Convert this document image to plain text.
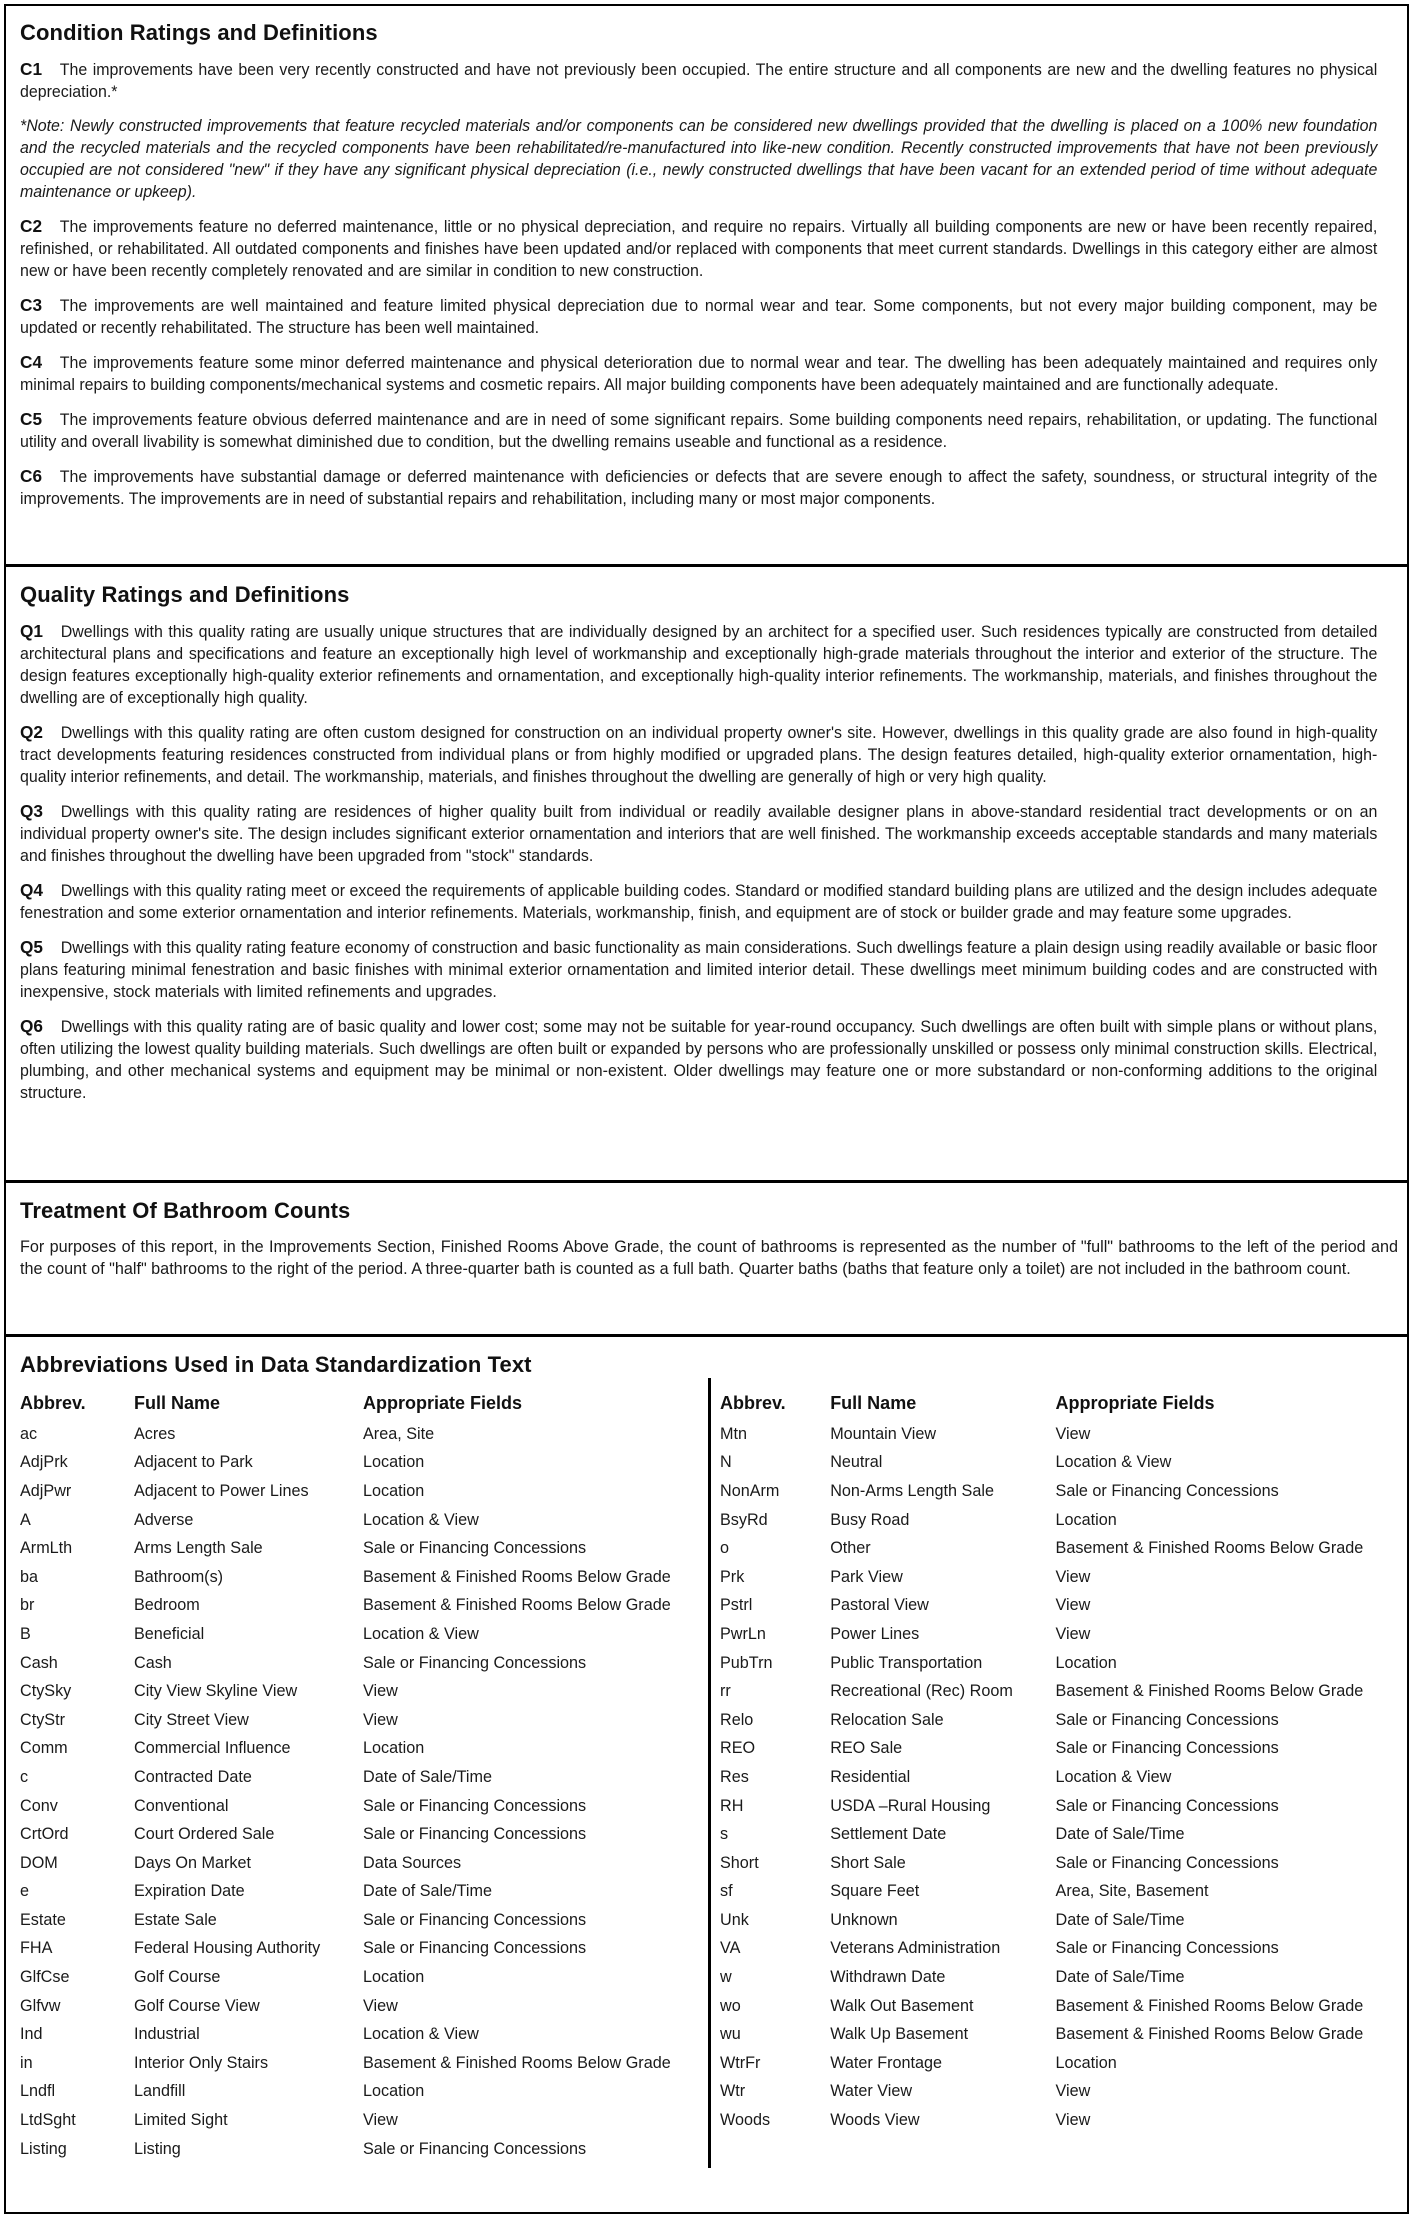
Condition Ratings and Definitions

C1 The improvements have been very recently constructed and have not previously been occupied. The entire structure and all components are new and the dwelling features no physical depreciation.*

*Note: Newly constructed improvements that feature recycled materials and/or components can be considered new dwellings provided that the dwelling is placed on a 100% new foundation and the recycled materials and the recycled components have been rehabilitated/re-manufactured into like-new condition. Recently constructed improvements that have not been previously occupied are not considered "new" if they have any significant physical depreciation (i.e., newly constructed dwellings that have been vacant for an extended period of time without adequate maintenance or upkeep).

C2 The improvements feature no deferred maintenance, little or no physical depreciation, and require no repairs. Virtually all building components are new or have been recently repaired, refinished, or rehabilitated. All outdated components and finishes have been updated and/or replaced with components that meet current standards. Dwellings in this category either are almost new or have been recently completely renovated and are similar in condition to new construction.

C3 The improvements are well maintained and feature limited physical depreciation due to normal wear and tear. Some components, but not every major building component, may be updated or recently rehabilitated. The structure has been well maintained.

C4 The improvements feature some minor deferred maintenance and physical deterioration due to normal wear and tear. The dwelling has been adequately maintained and requires only minimal repairs to building components/mechanical systems and cosmetic repairs. All major building components have been adequately maintained and are functionally adequate.

C5 The improvements feature obvious deferred maintenance and are in need of some significant repairs. Some building components need repairs, rehabilitation, or updating. The functional utility and overall livability is somewhat diminished due to condition, but the dwelling remains useable and functional as a residence.

C6 The improvements have substantial damage or deferred maintenance with deficiencies or defects that are severe enough to affect the safety, soundness, or structural integrity of the improvements. The improvements are in need of substantial repairs and rehabilitation, including many or most major components.

Quality Ratings and Definitions

Q1 Dwellings with this quality rating are usually unique structures that are individually designed by an architect for a specified user. Such residences typically are constructed from detailed architectural plans and specifications and feature an exceptionally high level of workmanship and exceptionally high-grade materials throughout the interior and exterior of the structure. The design features exceptionally high-quality exterior refinements and ornamentation, and exceptionally high-quality interior refinements. The workmanship, materials, and finishes throughout the dwelling are of exceptionally high quality.

Q2 Dwellings with this quality rating are often custom designed for construction on an individual property owner's site. However, dwellings in this quality grade are also found in high-quality tract developments featuring residences constructed from individual plans or from highly modified or upgraded plans. The design features detailed, high-quality exterior ornamentation, high-quality interior refinements, and detail. The workmanship, materials, and finishes throughout the dwelling are generally of high or very high quality.

Q3 Dwellings with this quality rating are residences of higher quality built from individual or readily available designer plans in above-standard residential tract developments or on an individual property owner's site. The design includes significant exterior ornamentation and interiors that are well finished. The workmanship exceeds acceptable standards and many materials and finishes throughout the dwelling have been upgraded from "stock" standards.

Q4 Dwellings with this quality rating meet or exceed the requirements of applicable building codes. Standard or modified standard building plans are utilized and the design includes adequate fenestration and some exterior ornamentation and interior refinements. Materials, workmanship, finish, and equipment are of stock or builder grade and may feature some upgrades.

Q5 Dwellings with this quality rating feature economy of construction and basic functionality as main considerations. Such dwellings feature a plain design using readily available or basic floor plans featuring minimal fenestration and basic finishes with minimal exterior ornamentation and limited interior detail. These dwellings meet minimum building codes and are constructed with inexpensive, stock materials with limited refinements and upgrades.

Q6 Dwellings with this quality rating are of basic quality and lower cost; some may not be suitable for year-round occupancy. Such dwellings are often built with simple plans or without plans, often utilizing the lowest quality building materials. Such dwellings are often built or expanded by persons who are professionally unskilled or possess only minimal construction skills. Electrical, plumbing, and other mechanical systems and equipment may be minimal or non-existent. Older dwellings may feature one or more substandard or non-conforming additions to the original structure.

Treatment Of Bathroom Counts

For purposes of this report, in the Improvements Section, Finished Rooms Above Grade, the count of bathrooms is represented as the number of "full" bathrooms to the left of the period and the count of "half" bathrooms to the right of the period. A three-quarter bath is counted as a full bath. Quarter baths (baths that feature only a toilet) are not included in the bathroom count.

Abbreviations Used in Data Standardization Text
Abbrev.	Full Name	Appropriate Fields
ac	Acres	Area, Site
AdjPrk	Adjacent to Park	Location
AdjPwr	Adjacent to Power Lines	Location
A	Adverse	Location & View
ArmLth	Arms Length Sale	Sale or Financing Concessions
ba	Bathroom(s)	Basement & Finished Rooms Below Grade
br	Bedroom	Basement & Finished Rooms Below Grade
B	Beneficial	Location & View
Cash	Cash	Sale or Financing Concessions
CtySky	City View Skyline View	View
CtyStr	City Street View	View
Comm	Commercial Influence	Location
c	Contracted Date	Date of Sale/Time
Conv	Conventional	Sale or Financing Concessions
CrtOrd	Court Ordered Sale	Sale or Financing Concessions
DOM	Days On Market	Data Sources
e	Expiration Date	Date of Sale/Time
Estate	Estate Sale	Sale or Financing Concessions
FHA	Federal Housing Authority	Sale or Financing Concessions
GlfCse	Golf Course	Location
Glfvw	Golf Course View	View
Ind	Industrial	Location & View
in	Interior Only Stairs	Basement & Finished Rooms Below Grade
Lndfl	Landfill	Location
LtdSght	Limited Sight	View
Listing	Listing	Sale or Financing Concessions
Abbrev.	Full Name	Appropriate Fields
Mtn	Mountain View	View
N	Neutral	Location & View
NonArm	Non-Arms Length Sale	Sale or Financing Concessions
BsyRd	Busy Road	Location
o	Other	Basement & Finished Rooms Below Grade
Prk	Park View	View
Pstrl	Pastoral View	View
PwrLn	Power Lines	View
PubTrn	Public Transportation	Location
rr	Recreational (Rec) Room	Basement & Finished Rooms Below Grade
Relo	Relocation Sale	Sale or Financing Concessions
REO	REO Sale	Sale or Financing Concessions
Res	Residential	Location & View
RH	USDA –Rural Housing	Sale or Financing Concessions
s	Settlement Date	Date of Sale/Time
Short	Short Sale	Sale or Financing Concessions
sf	Square Feet	Area, Site, Basement
Unk	Unknown	Date of Sale/Time
VA	Veterans Administration	Sale or Financing Concessions
w	Withdrawn Date	Date of Sale/Time
wo	Walk Out Basement	Basement & Finished Rooms Below Grade
wu	Walk Up Basement	Basement & Finished Rooms Below Grade
WtrFr	Water Frontage	Location
Wtr	Water View	View
Woods	Woods View	View
